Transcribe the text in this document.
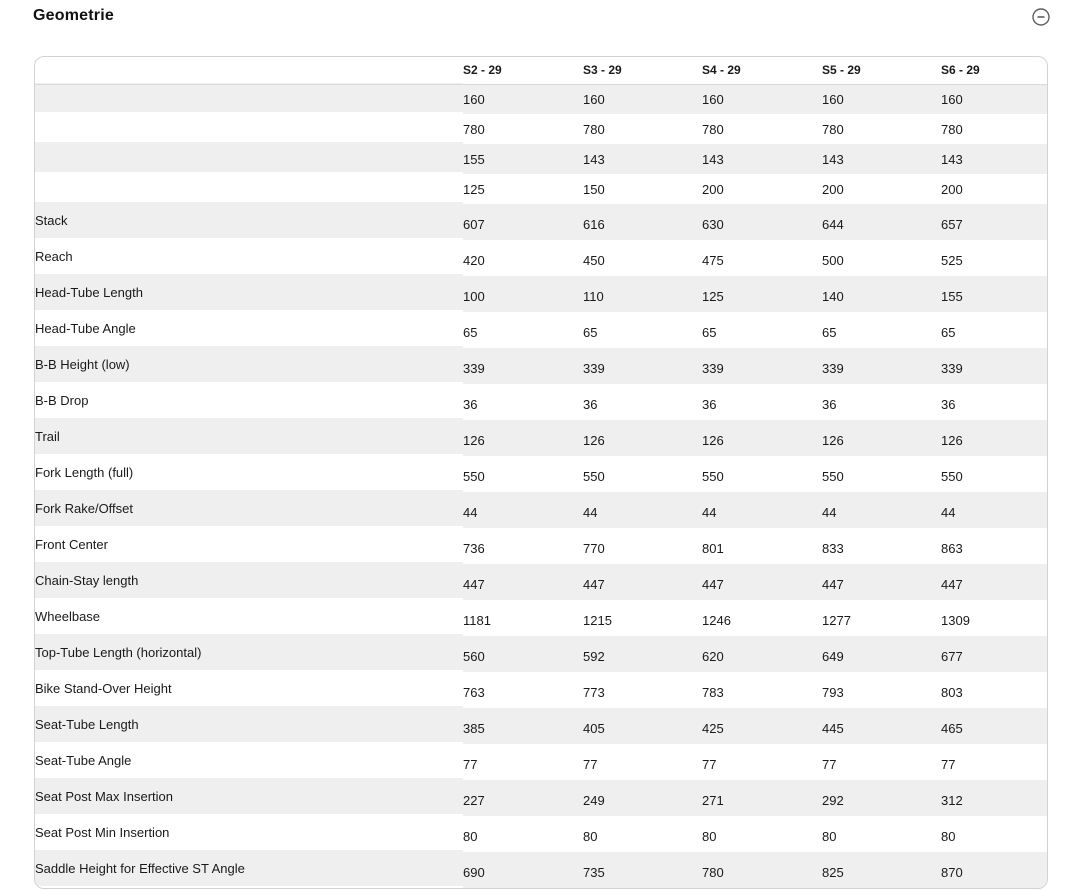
Geometrie
	S2 - 29	S3 - 29	S4 - 29	S5 - 29	S6 - 29
	160	160	160	160	160
	780	780	780	780	780
	155	143	143	143	143
	125	150	200	200	200
Stack	607	616	630	644	657
Reach	420	450	475	500	525
Head-Tube Length	100	110	125	140	155
Head-Tube Angle	65	65	65	65	65
B-B Height (low)	339	339	339	339	339
B-B Drop	36	36	36	36	36
Trail	126	126	126	126	126
Fork Length (full)	550	550	550	550	550
Fork Rake/Offset	44	44	44	44	44
Front Center	736	770	801	833	863
Chain-Stay length	447	447	447	447	447
Wheelbase	1181	1215	1246	1277	1309
Top-Tube Length (horizontal)	560	592	620	649	677
Bike Stand-Over Height	763	773	783	793	803
Seat-Tube Length	385	405	425	445	465
Seat-Tube Angle	77	77	77	77	77
Seat Post Max Insertion	227	249	271	292	312
Seat Post Min Insertion	80	80	80	80	80
Saddle Height for Effective ST Angle	690	735	780	825	870
